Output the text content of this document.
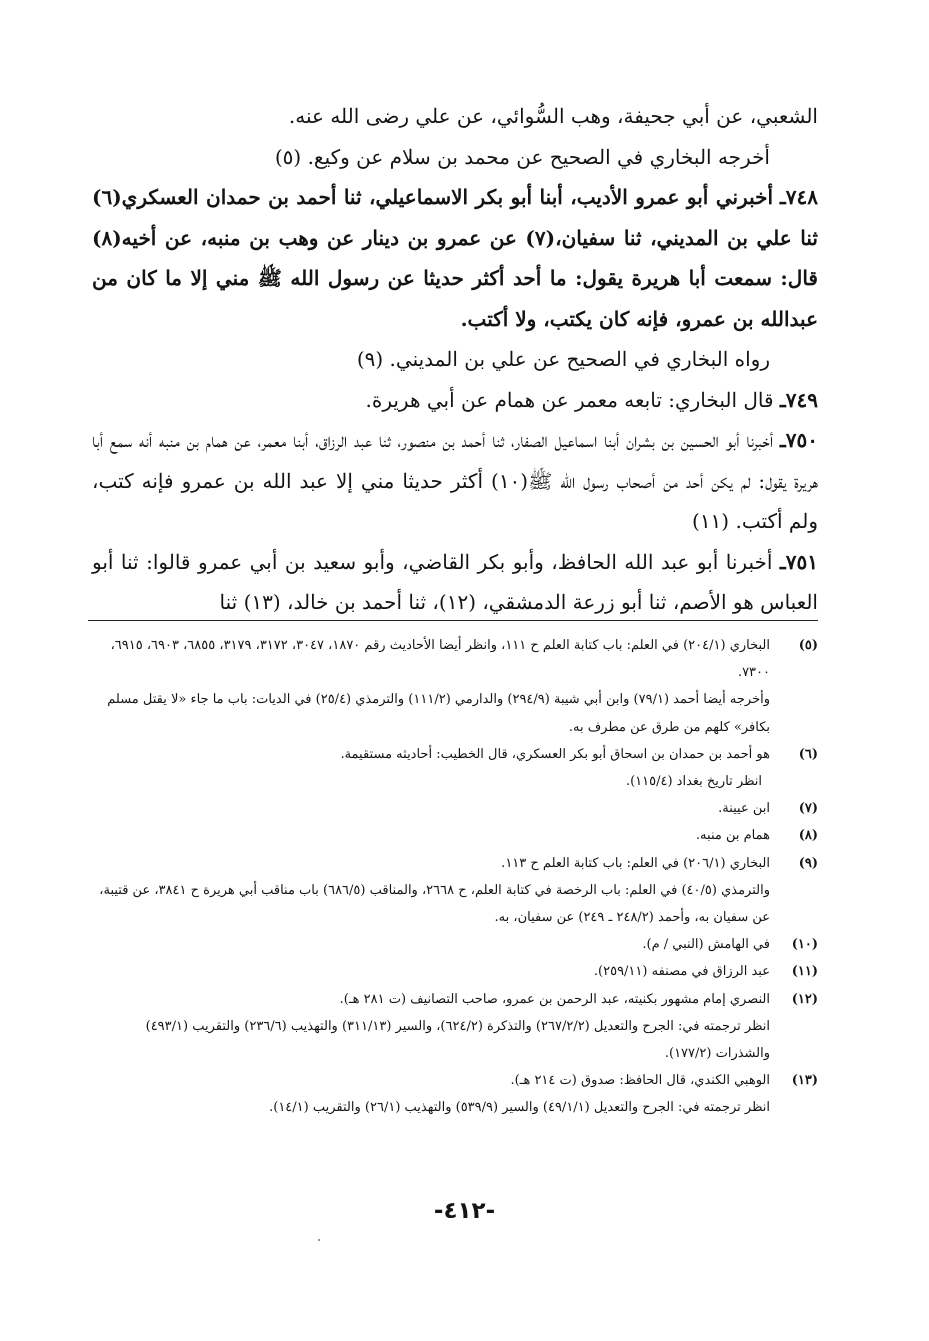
الشعبي، عن أبي جحيفة، وهب السُّوائي، عن علي رضى الله عنه.

أخرجه البخاري في الصحيح عن محمد بن سلام عن وكيع. (٥)

٧٤٨ـ أخبرني أبو عمرو الأديب، أبنا أبو بكر الاسماعيلي، ثنا أحمد بن حمدان العسكري(٦) ثنا علي بن المديني، ثنا سفيان،(٧) عن عمرو بن دينار عن وهب بن منبه، عن أخيه(٨) قال: سمعت أبا هريرة يقول: ما أحد أكثر حديثا عن رسول الله ﷺ مني إلا ما كان من عبدالله بن عمرو، فإنه كان يكتب، ولا أكتب.

رواه البخاري في الصحيح عن علي بن المديني. (٩)

٧٤٩ـ قال البخاري: تابعه معمر عن همام عن أبي هريرة.

٧٥٠ـ أخبرنا أبو الحسين بن بشران أبنا اسماعيل الصفار، ثنا أحمد بن منصور، ثنا عبد الرزاق، أبنا معمر، عن همام بن منبه أنه سمع أبا هريرة يقول: لم يكن أحد من أصحاب رسول الله ﷺ(١٠) أكثر حديثا مني إلا عبد الله بن عمرو فإنه كتب، ولم أكتب. (١١)

٧٥١ـ أخبرنا أبو عبد الله الحافظ، وأبو بكر القاضي، وأبو سعيد بن أبي عمرو قالوا: ثنا أبو العباس هو الأصم، ثنا أبو زرعة الدمشقي، (١٢)، ثنا أحمد بن خالد، (١٣) ثنا

(٥)

البخاري (٢٠٤/١) في العلم: باب كتابة العلم ح ١١١، وانظر أيضا الأحاديث رقم ١٨٧٠، ٣٠٤٧، ٣١٧٢، ٣١٧٩، ٦٨٥٥، ٦٩٠٣، ٦٩١٥، ٧٣٠٠.

وأخرجه أيضا أحمد (٧٩/١) وابن أبي شيبة (٢٩٤/٩) والدارمي (١١١/٢) والترمذي (٢٥/٤) في الديات: باب ما جاء «لا يقتل مسلم بكافر» كلهم من طرق عن مطرف به.

(٦)

هو أحمد بن حمدان بن اسحاق أبو بكر العسكري، قال الخطيب: أحاديثه مستقيمة.

انظر تاريخ بغداد (١١٥/٤).

(٧)

ابن عيينة.

(٨)

همام بن منبه.

(٩)

البخاري (٢٠٦/١) في العلم: باب كتابة العلم ح ١١٣.

والترمذي (٤٠/٥) في العلم: باب الرخصة في كتابة العلم، ح ٢٦٦٨، والمناقب (٦٨٦/٥) باب مناقب أبي هريرة ح ٣٨٤١، عن قتيبة، عن سفيان به، وأحمد (٢٤٨/٢ ـ ٢٤٩) عن سفيان، به.

(١٠)

في الهامش (النبي / م).

(١١)

عبد الرزاق في مصنفه (٢٥٩/١١).

(١٢)

النصري إمام مشهور بكنيته، عبد الرحمن بن عمرو، صاحب التصانيف (ت ٢٨١ هـ).

انظر ترجمته في: الجرح والتعديل (٢٦٧/٢/٢) والتذكرة (٦٢٤/٢)، والسير (٣١١/١٣) والتهذيب (٢٣٦/٦) والتقريب (٤٩٣/١) والشذرات (١٧٧/٢).

(١٣)

الوهبي الكندي، قال الحافظ: صدوق (ت ٢١٤ هـ).

انظر ترجمته في: الجرح والتعديل (٤٩/١/١) والسير (٥٣٩/٩) والتهذيب (٢٦/١) والتقريب (١٤/١).

-٤١٢-
